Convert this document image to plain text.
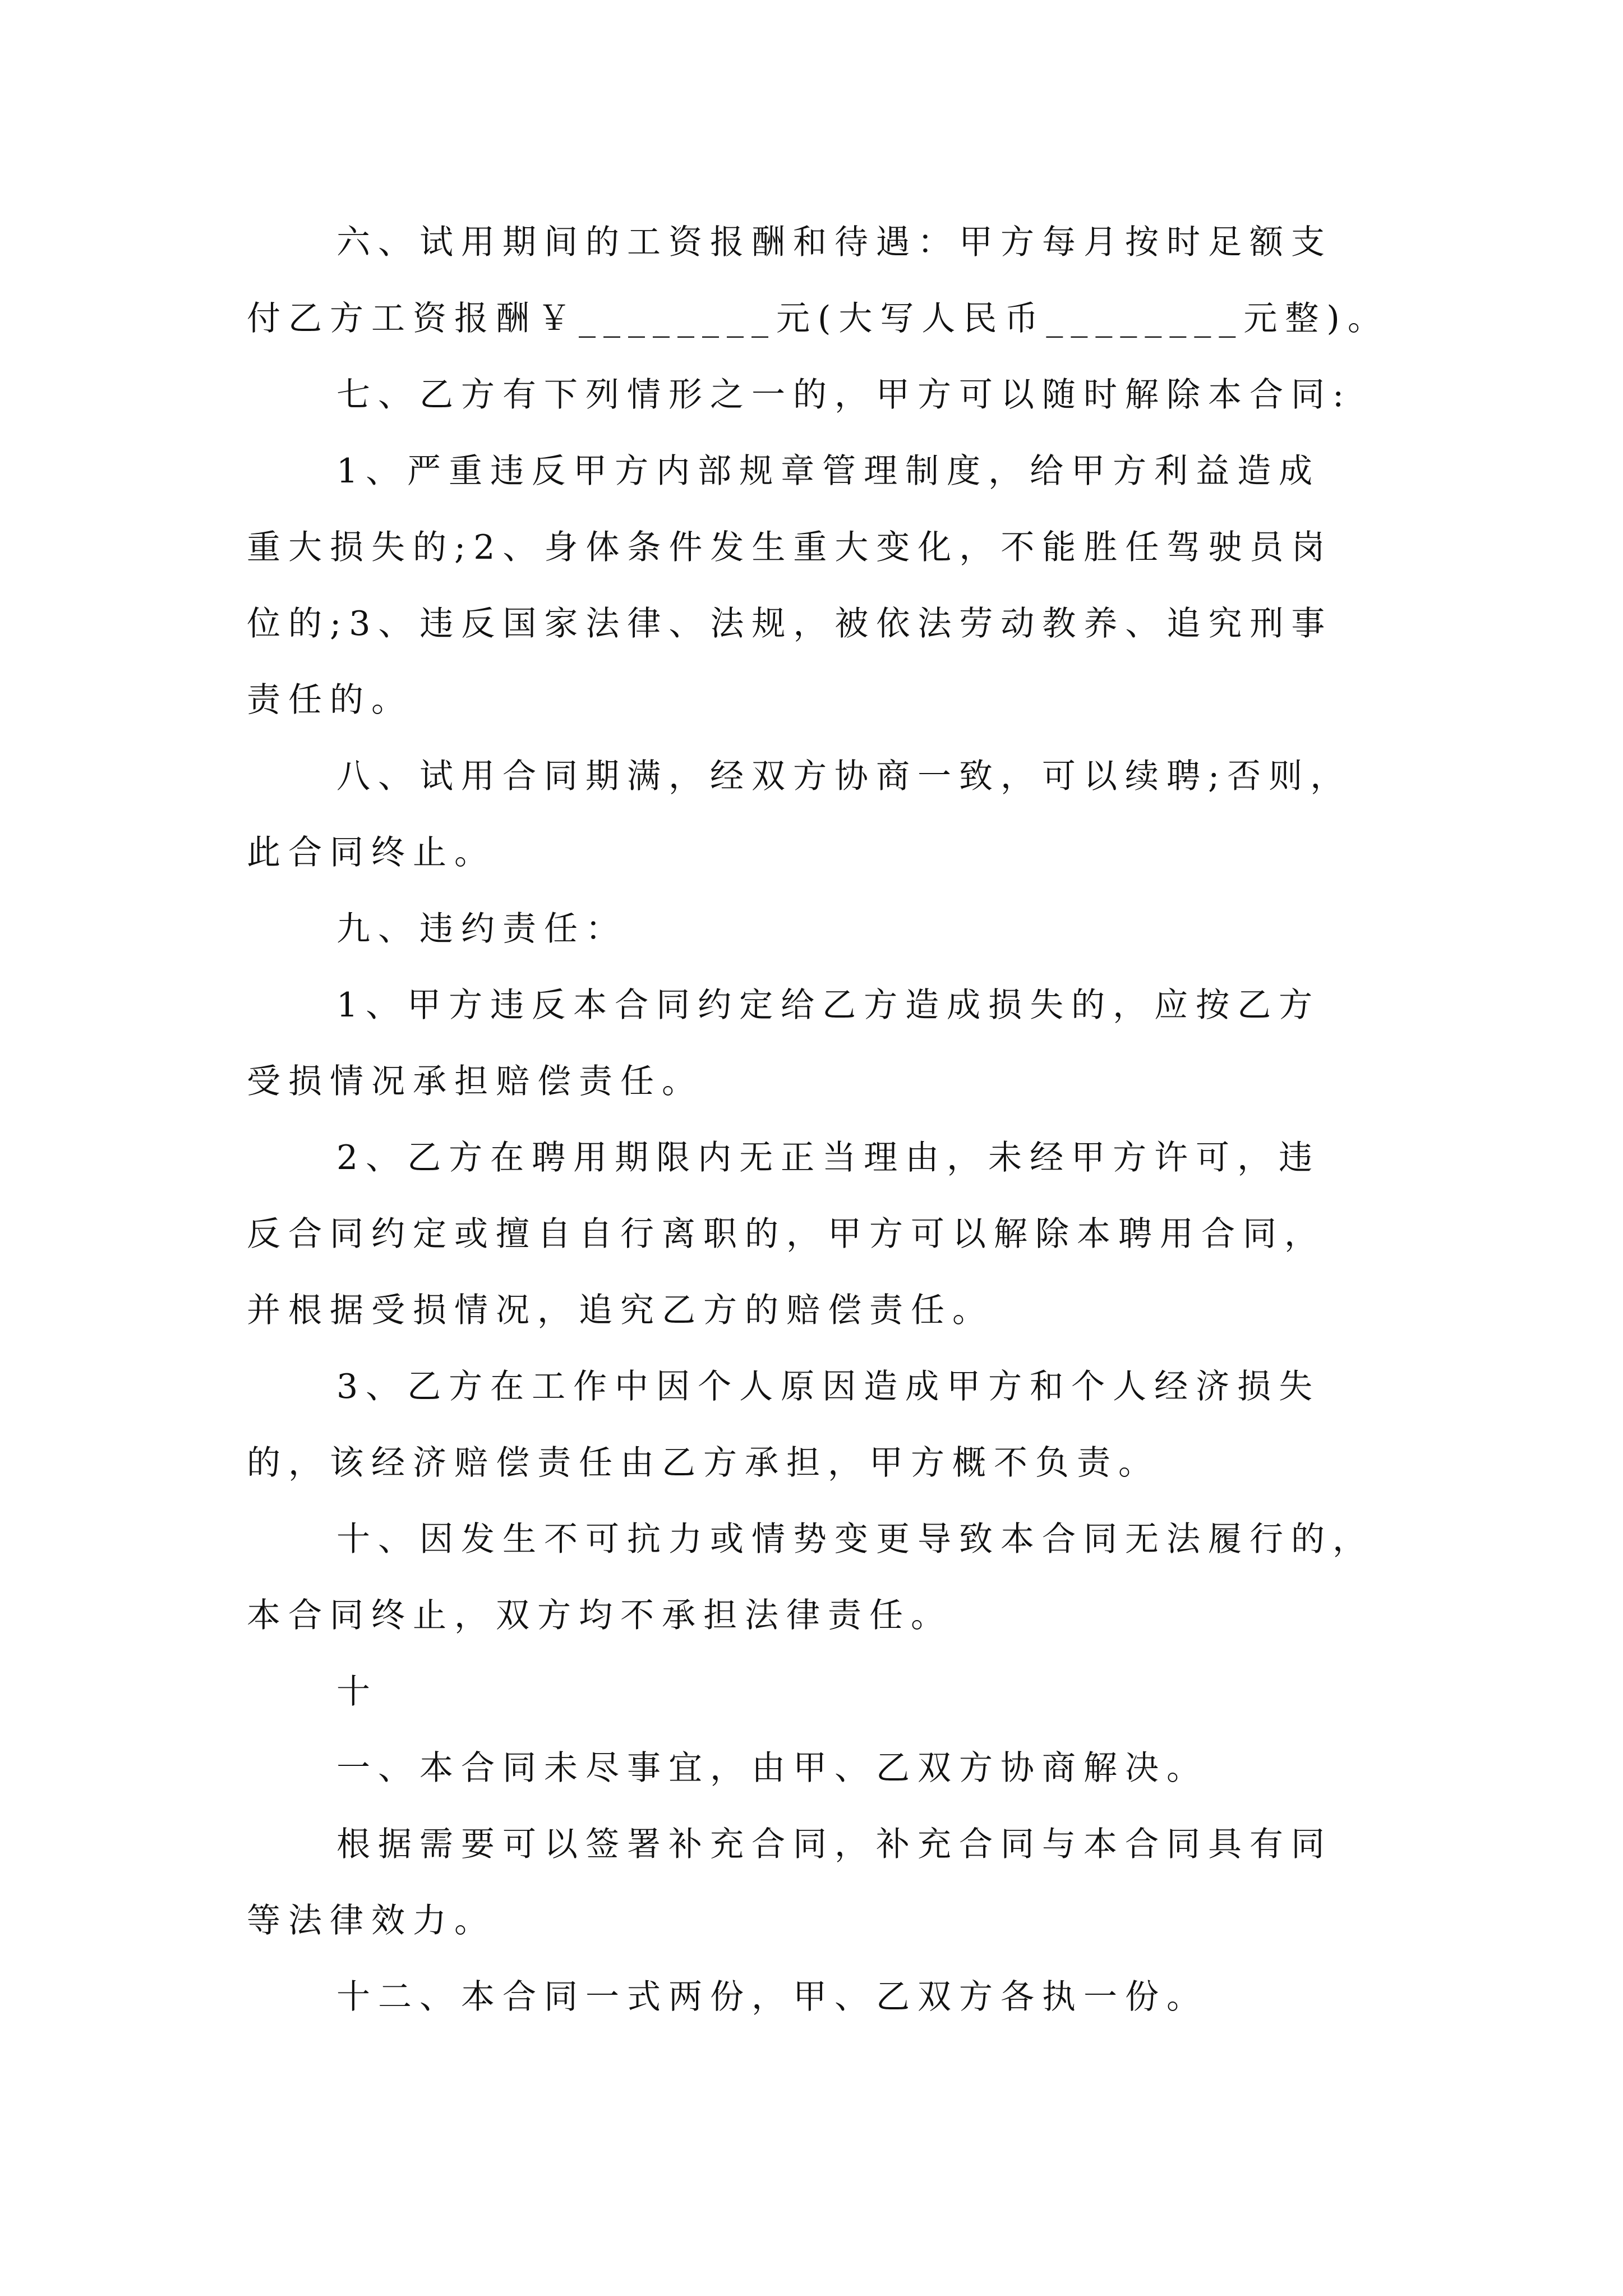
六、试用期间的工资报酬和待遇：甲方每月按时足额支
付乙方工资报酬￥________元(大写人民币________元整)。
七、乙方有下列情形之一的，甲方可以随时解除本合同:
1、严重违反甲方内部规章管理制度，给甲方利益造成
重大损失的;2、身体条件发生重大变化，不能胜任驾驶员岗
位的;3、违反国家法律、法规，被依法劳动教养、追究刑事
责任的。
八、试用合同期满，经双方协商一致，可以续聘;否则，
此合同终止。
九、违约责任：
1、甲方违反本合同约定给乙方造成损失的，应按乙方
受损情况承担赔偿责任。
2、乙方在聘用期限内无正当理由，未经甲方许可，违
反合同约定或擅自自行离职的，甲方可以解除本聘用合同，
并根据受损情况，追究乙方的赔偿责任。
3、乙方在工作中因个人原因造成甲方和个人经济损失
的，该经济赔偿责任由乙方承担，甲方概不负责。
十、因发生不可抗力或情势变更导致本合同无法履行的，
本合同终止，双方均不承担法律责任。
十
一、本合同未尽事宜，由甲、乙双方协商解决。
根据需要可以签署补充合同，补充合同与本合同具有同
等法律效力。
十二、本合同一式两份，甲、乙双方各执一份。
